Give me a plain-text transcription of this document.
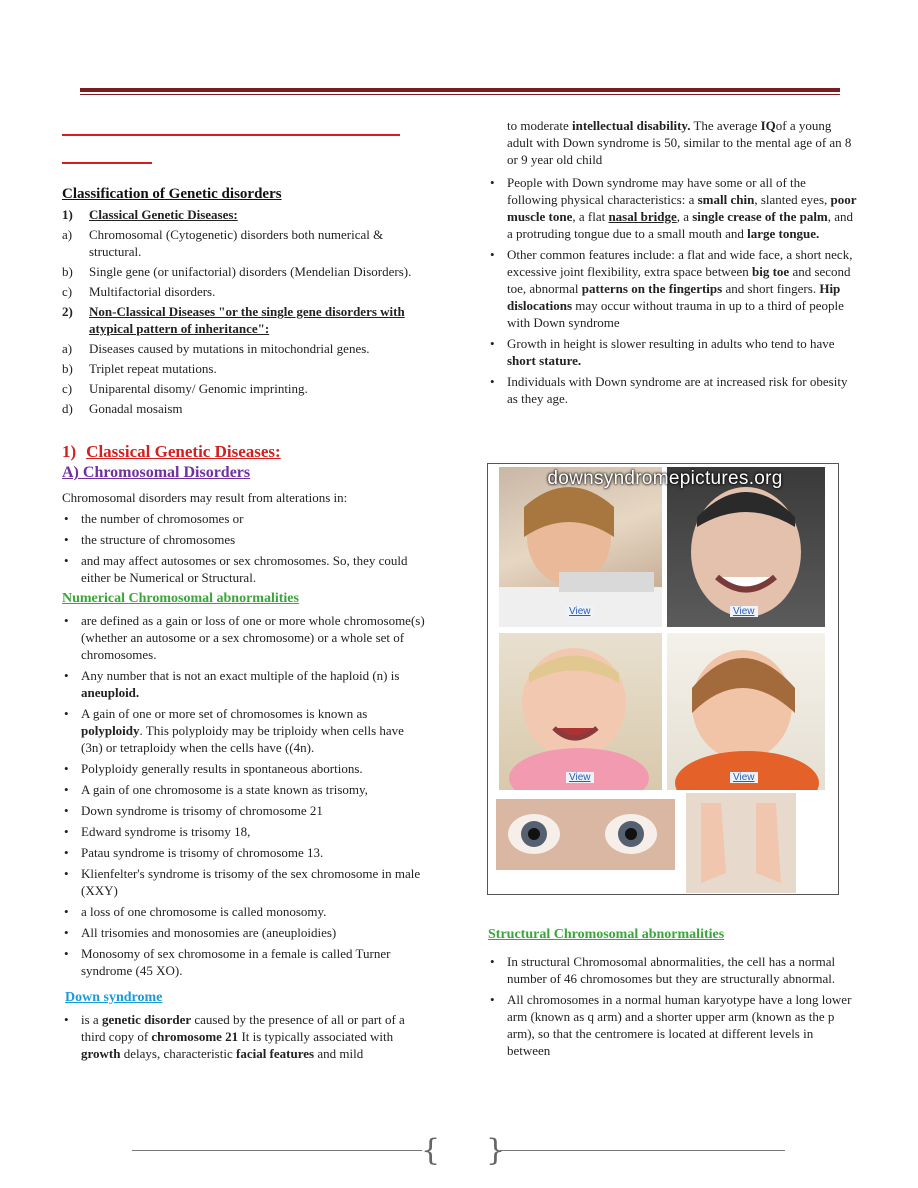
Classification of Genetic disorders
1)	Classical Genetic Diseases:
a)	Chromosomal (Cytogenetic) disorders both numerical & structural.
b)	Single gene (or unifactorial) disorders (Mendelian Disorders).
c)	Multifactorial disorders.
2)	Non-Classical Diseases "or the single gene disorders with atypical pattern of inheritance":
a)	Diseases caused by mutations in mitochondrial genes.
b)	Triplet repeat mutations.
c)	Uniparental disomy/ Genomic imprinting.
d)	Gonadal mosaism
1) Classical Genetic Diseases:
A) Chromosomal Disorders
Chromosomal disorders may result from alterations in:
• the number of chromosomes or
• the structure of chromosomes
• and may affect autosomes or sex chromosomes. So, they could either be Numerical or Structural.
Numerical Chromosomal abnormalities
• are defined as a gain or loss of one or more whole chromosome(s) (whether an autosome or a sex chromosome) or a whole set of chromosomes.
• Any number that is not an exact multiple of the haploid (n) is aneuploid.
• A gain of one or more set of chromosomes is known as polyploidy. This polyploidy may be triploidy when cells have (3n) or tetraploidy when the cells have ((4n).
• Polyploidy generally results in spontaneous abortions.
• A gain of one chromosome is a state known as trisomy,
• Down syndrome is trisomy of chromosome 21
• Edward syndrome is trisomy 18,
• Patau syndrome is trisomy of chromosome 13.
• Klienfelter's syndrome is trisomy of the sex chromosome in male (XXY)
• a loss of one chromosome is called monosomy.
• All trisomies and monosomies are (aneuploidies)
• Monosomy of sex chromosome in a female is called Turner syndrome (45 XO).
Down syndrome
• is a genetic disorder caused by the presence of all or part of a third copy of chromosome 21 It is typically associated with growth delays, characteristic facial features and mild
to moderate intellectual disability. The average IQof a young adult with Down syndrome is 50, similar to the mental age of an 8 or 9 year old child
• People with Down syndrome may have some or all of the following physical characteristics: a small chin, slanted eyes, poor muscle tone, a flat nasal bridge, a single crease of the palm, and a protruding tongue due to a small mouth and large tongue.
• Other common features include: a flat and wide face, a short neck, excessive joint flexibility, extra space between big toe and second toe, abnormal patterns on the fingertips and short fingers. Hip dislocations may occur without trauma in up to a third of people with Down syndrome
• Growth in height is slower resulting in adults who tend to have short stature.
• Individuals with Down syndrome are at increased risk for obesity as they age.
downsyndromepictures.org
View	View
View	View
Structural Chromosomal abnormalities
• In structural Chromosomal abnormalities, the cell has a normal number of 46 chromosomes but they are structurally abnormal.
• All chromosomes in a normal human karyotype have a long lower arm (known as q arm) and a shorter upper arm (known as the p arm), so that the centromere is located at different levels in between
{ }
